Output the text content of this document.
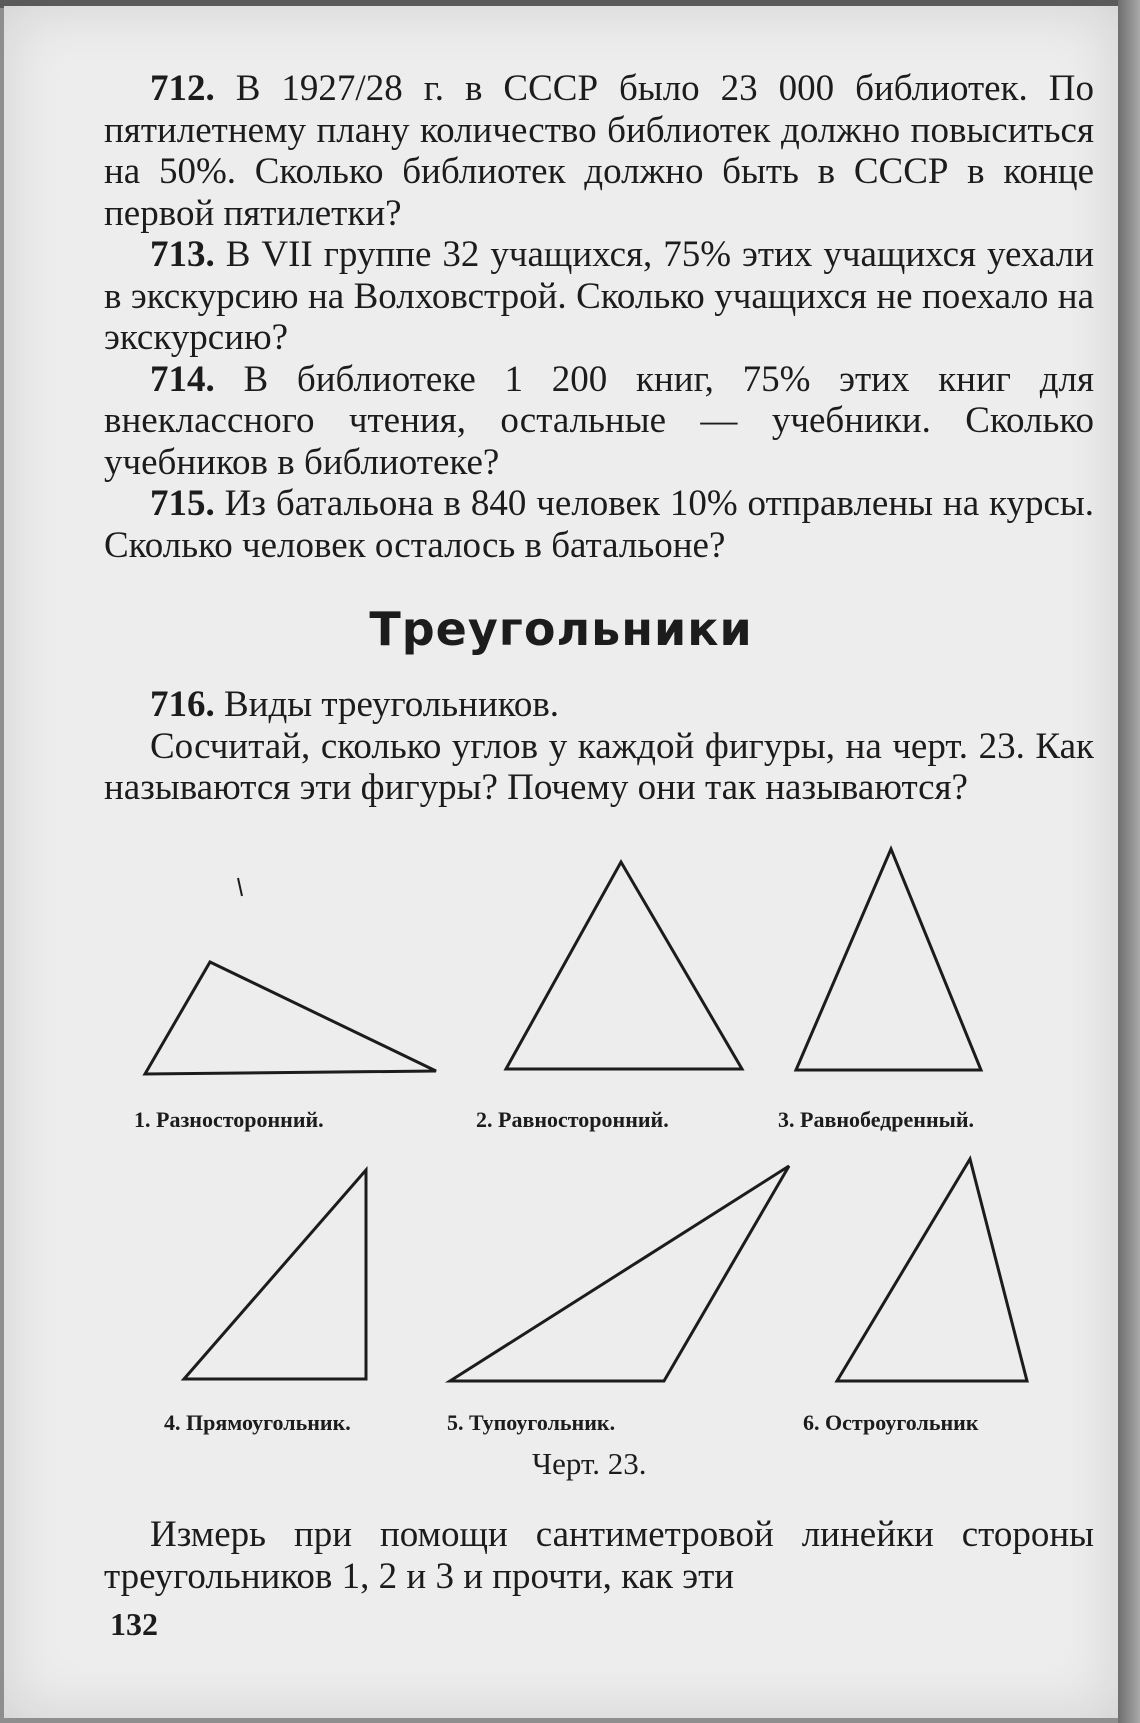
712. В 1927/28 г. в СССР было 23 000 библиотек. По пятилетнему плану количество библиотек должно повыситься на 50%. Сколько библиотек должно быть в СССР в конце первой пятилетки?

713. В VII группе 32 учащихся, 75% этих учащихся уехали в экскурсию на Волховстрой. Сколько учащихся не поехало на экскурсию?

714. В библиотеке 1 200 книг, 75% этих книг для внеклассного чтения, остальные — учебники. Сколько учебников в библиотеке?

715. Из батальона в 840 человек 10% отправлены на курсы. Сколько человек осталось в батальоне?

Треугольники

716. Виды треугольников.

Сосчитай, сколько углов у каждой фигуры, на черт. 23. Как называются эти фигуры? Почему они так называются?

1. Разносторонний.	2. Равносторонний.	3. Равнобедренный.
4. Прямоугольник.	5. Тупоугольник.	6. Остроугольник
Черт. 23.

Измерь при помощи сантиметровой линейки стороны треугольников 1, 2 и 3 и прочти, как эти

132
